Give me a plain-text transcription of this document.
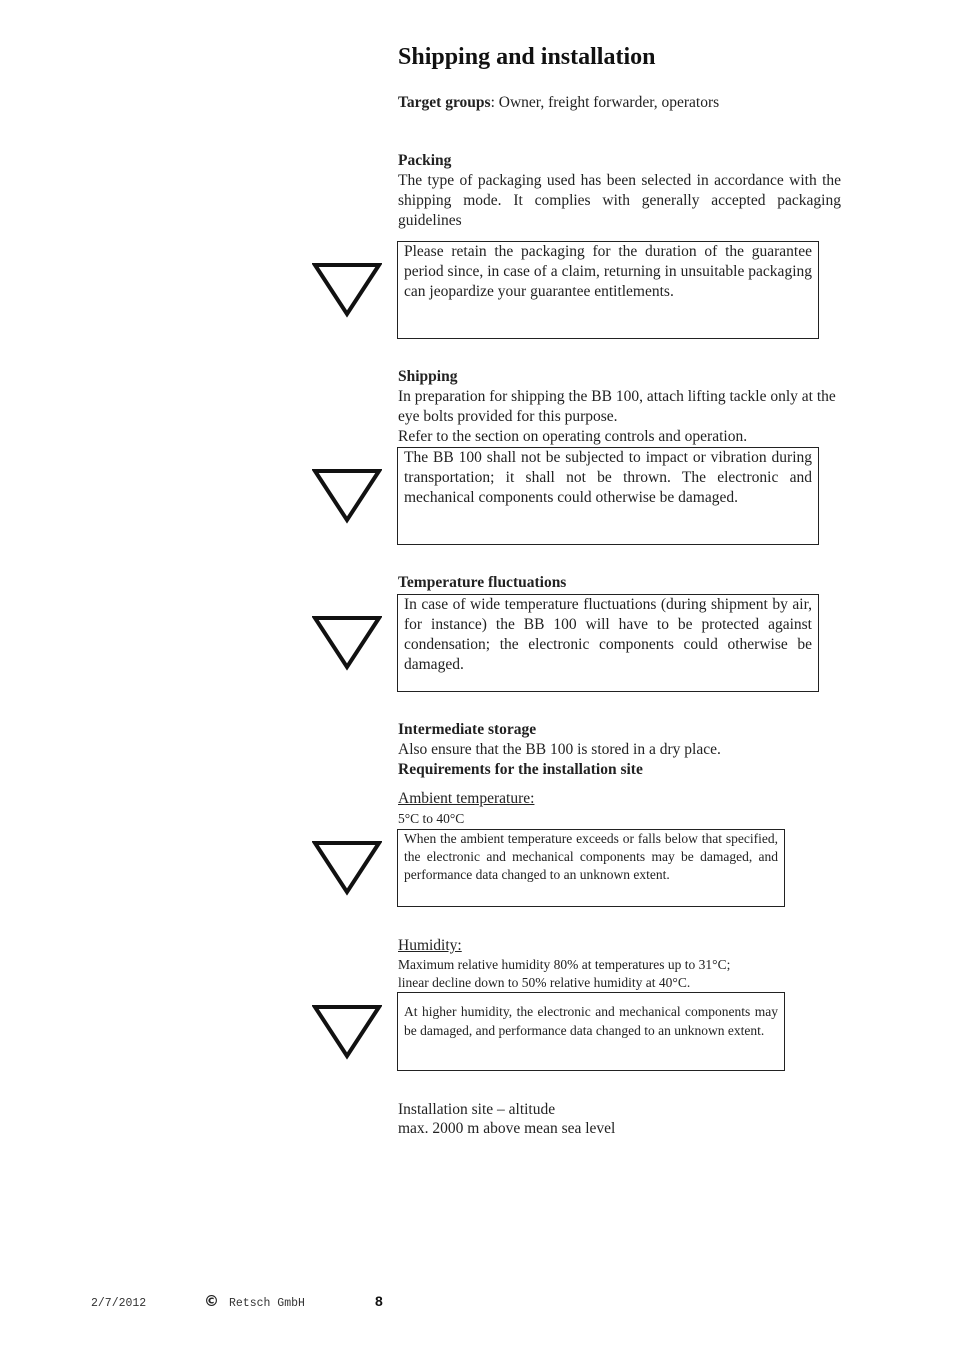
Shipping and installation
Target groups: Owner, freight forwarder, operators
Packing
The type of packaging used has been selected in accordance with the shipping mode. It complies with generally accepted packaging guidelines
Please retain the packaging for the duration of the guarantee period since, in case of a claim, returning in unsuitable packaging can jeopardize your guarantee entitlements.
Shipping
In preparation for shipping the BB 100, attach lifting tackle only at the eye bolts provided for this purpose.
Refer to the section on operating controls and operation.
The BB 100 shall not be subjected to impact or vibration during transportation; it shall not be thrown. The electronic and mechanical components could otherwise be damaged.
Temperature fluctuations
In case of wide temperature fluctuations (during shipment by air, for instance) the BB 100 will have to be protected against condensation; the electronic components could otherwise be damaged.
Intermediate storage
Also ensure that the BB 100 is stored in a dry place.
Requirements for the installation site
Ambient temperature:
5°C to 40°C
When the ambient temperature exceeds or falls below that specified, the electronic and mechanical components may be damaged, and performance data changed to an unknown extent.
Humidity:
Maximum relative humidity 80% at temperatures up to 31°C;
linear decline down to 50% relative humidity at 40°C.
At higher humidity, the electronic and mechanical components may be damaged, and performance data changed to an unknown extent.
Installation site – altitude
max. 2000 m above mean sea level
2/7/2012	© Retsch GmbH	8
